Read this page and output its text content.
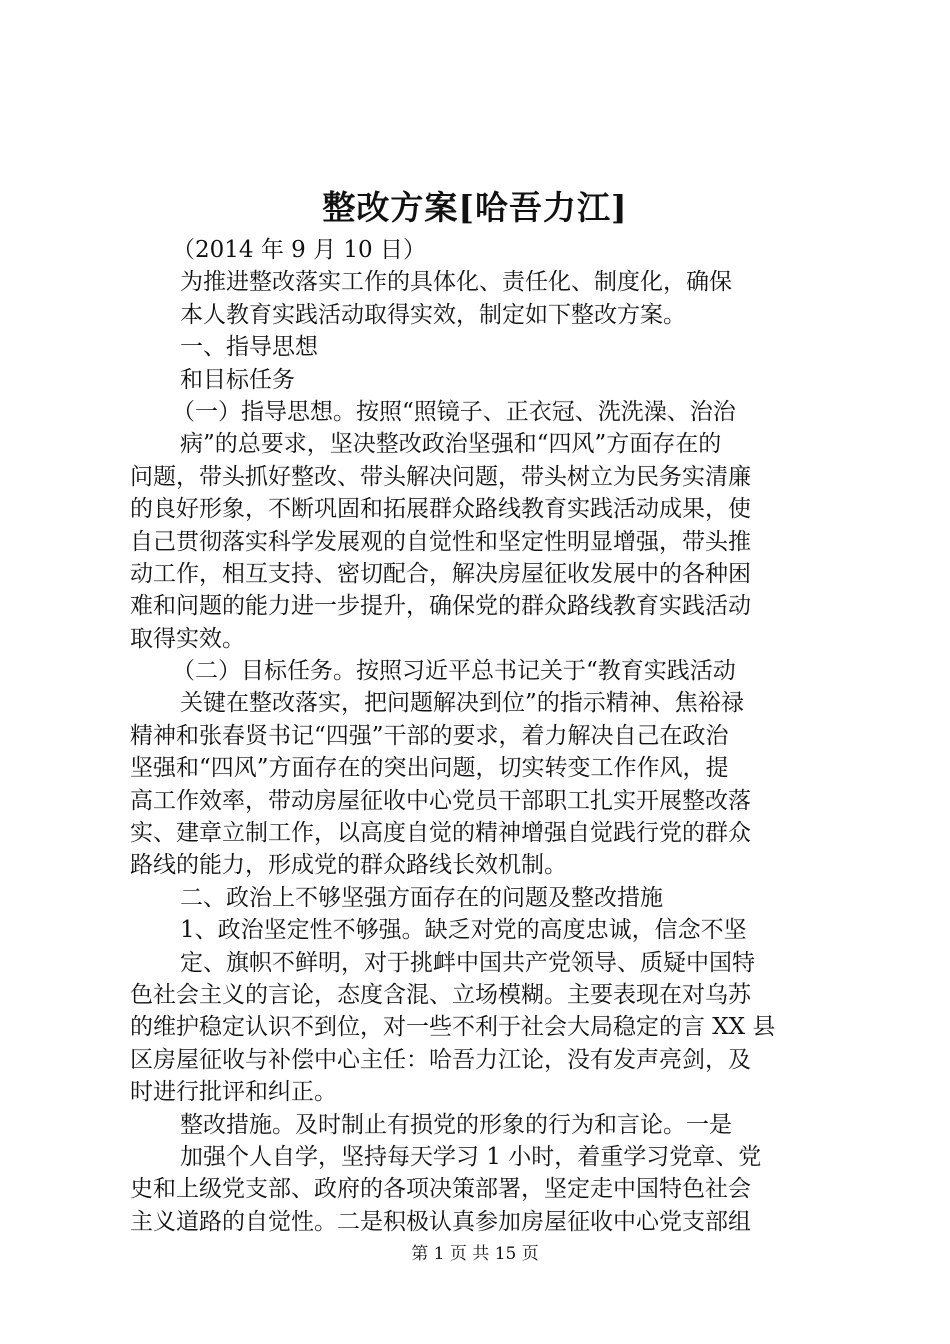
整改方案[哈吾力江]
（2014 年 9 月 10 日）
为推进整改落实工作的具体化、责任化、制度化，确保
本人教育实践活动取得实效，制定如下整改方案。
一、指导思想
和目标任务
（一）指导思想。按照“照镜子、正衣冠、洗洗澡、治治
病”的总要求，坚决整改政治坚强和“四风”方面存在的
问题，带头抓好整改、带头解决问题，带头树立为民务实清廉
的良好形象，不断巩固和拓展群众路线教育实践活动成果，使
自己贯彻落实科学发展观的自觉性和坚定性明显增强，带头推
动工作，相互支持、密切配合，解决房屋征收发展中的各种困
难和问题的能力进一步提升，确保党的群众路线教育实践活动
取得实效。
（二）目标任务。按照习近平总书记关于“教育实践活动
关键在整改落实，把问题解决到位”的指示精神、焦裕禄
精神和张春贤书记“四强”干部的要求，着力解决自己在政治
坚强和“四风”方面存在的突出问题，切实转变工作作风，提
高工作效率，带动房屋征收中心党员干部职工扎实开展整改落
实、建章立制工作，以高度自觉的精神增强自觉践行党的群众
路线的能力，形成党的群众路线长效机制。
二、政治上不够坚强方面存在的问题及整改措施
1、政治坚定性不够强。缺乏对党的高度忠诚，信念不坚
定、旗帜不鲜明，对于挑衅中国共产党领导、质疑中国特
色社会主义的言论，态度含混、立场模糊。主要表现在对乌苏
的维护稳定认识不到位，对一些不利于社会大局稳定的言 XX 县
区房屋征收与补偿中心主任：哈吾力江论，没有发声亮剑，及
时进行批评和纠正。
整改措施。及时制止有损党的形象的行为和言论。一是
加强个人自学，坚持每天学习 1 小时，着重学习党章、党
史和上级党支部、政府的各项决策部署，坚定走中国特色社会
主义道路的自觉性。二是积极认真参加房屋征收中心党支部组
第 1 页 共 15 页
